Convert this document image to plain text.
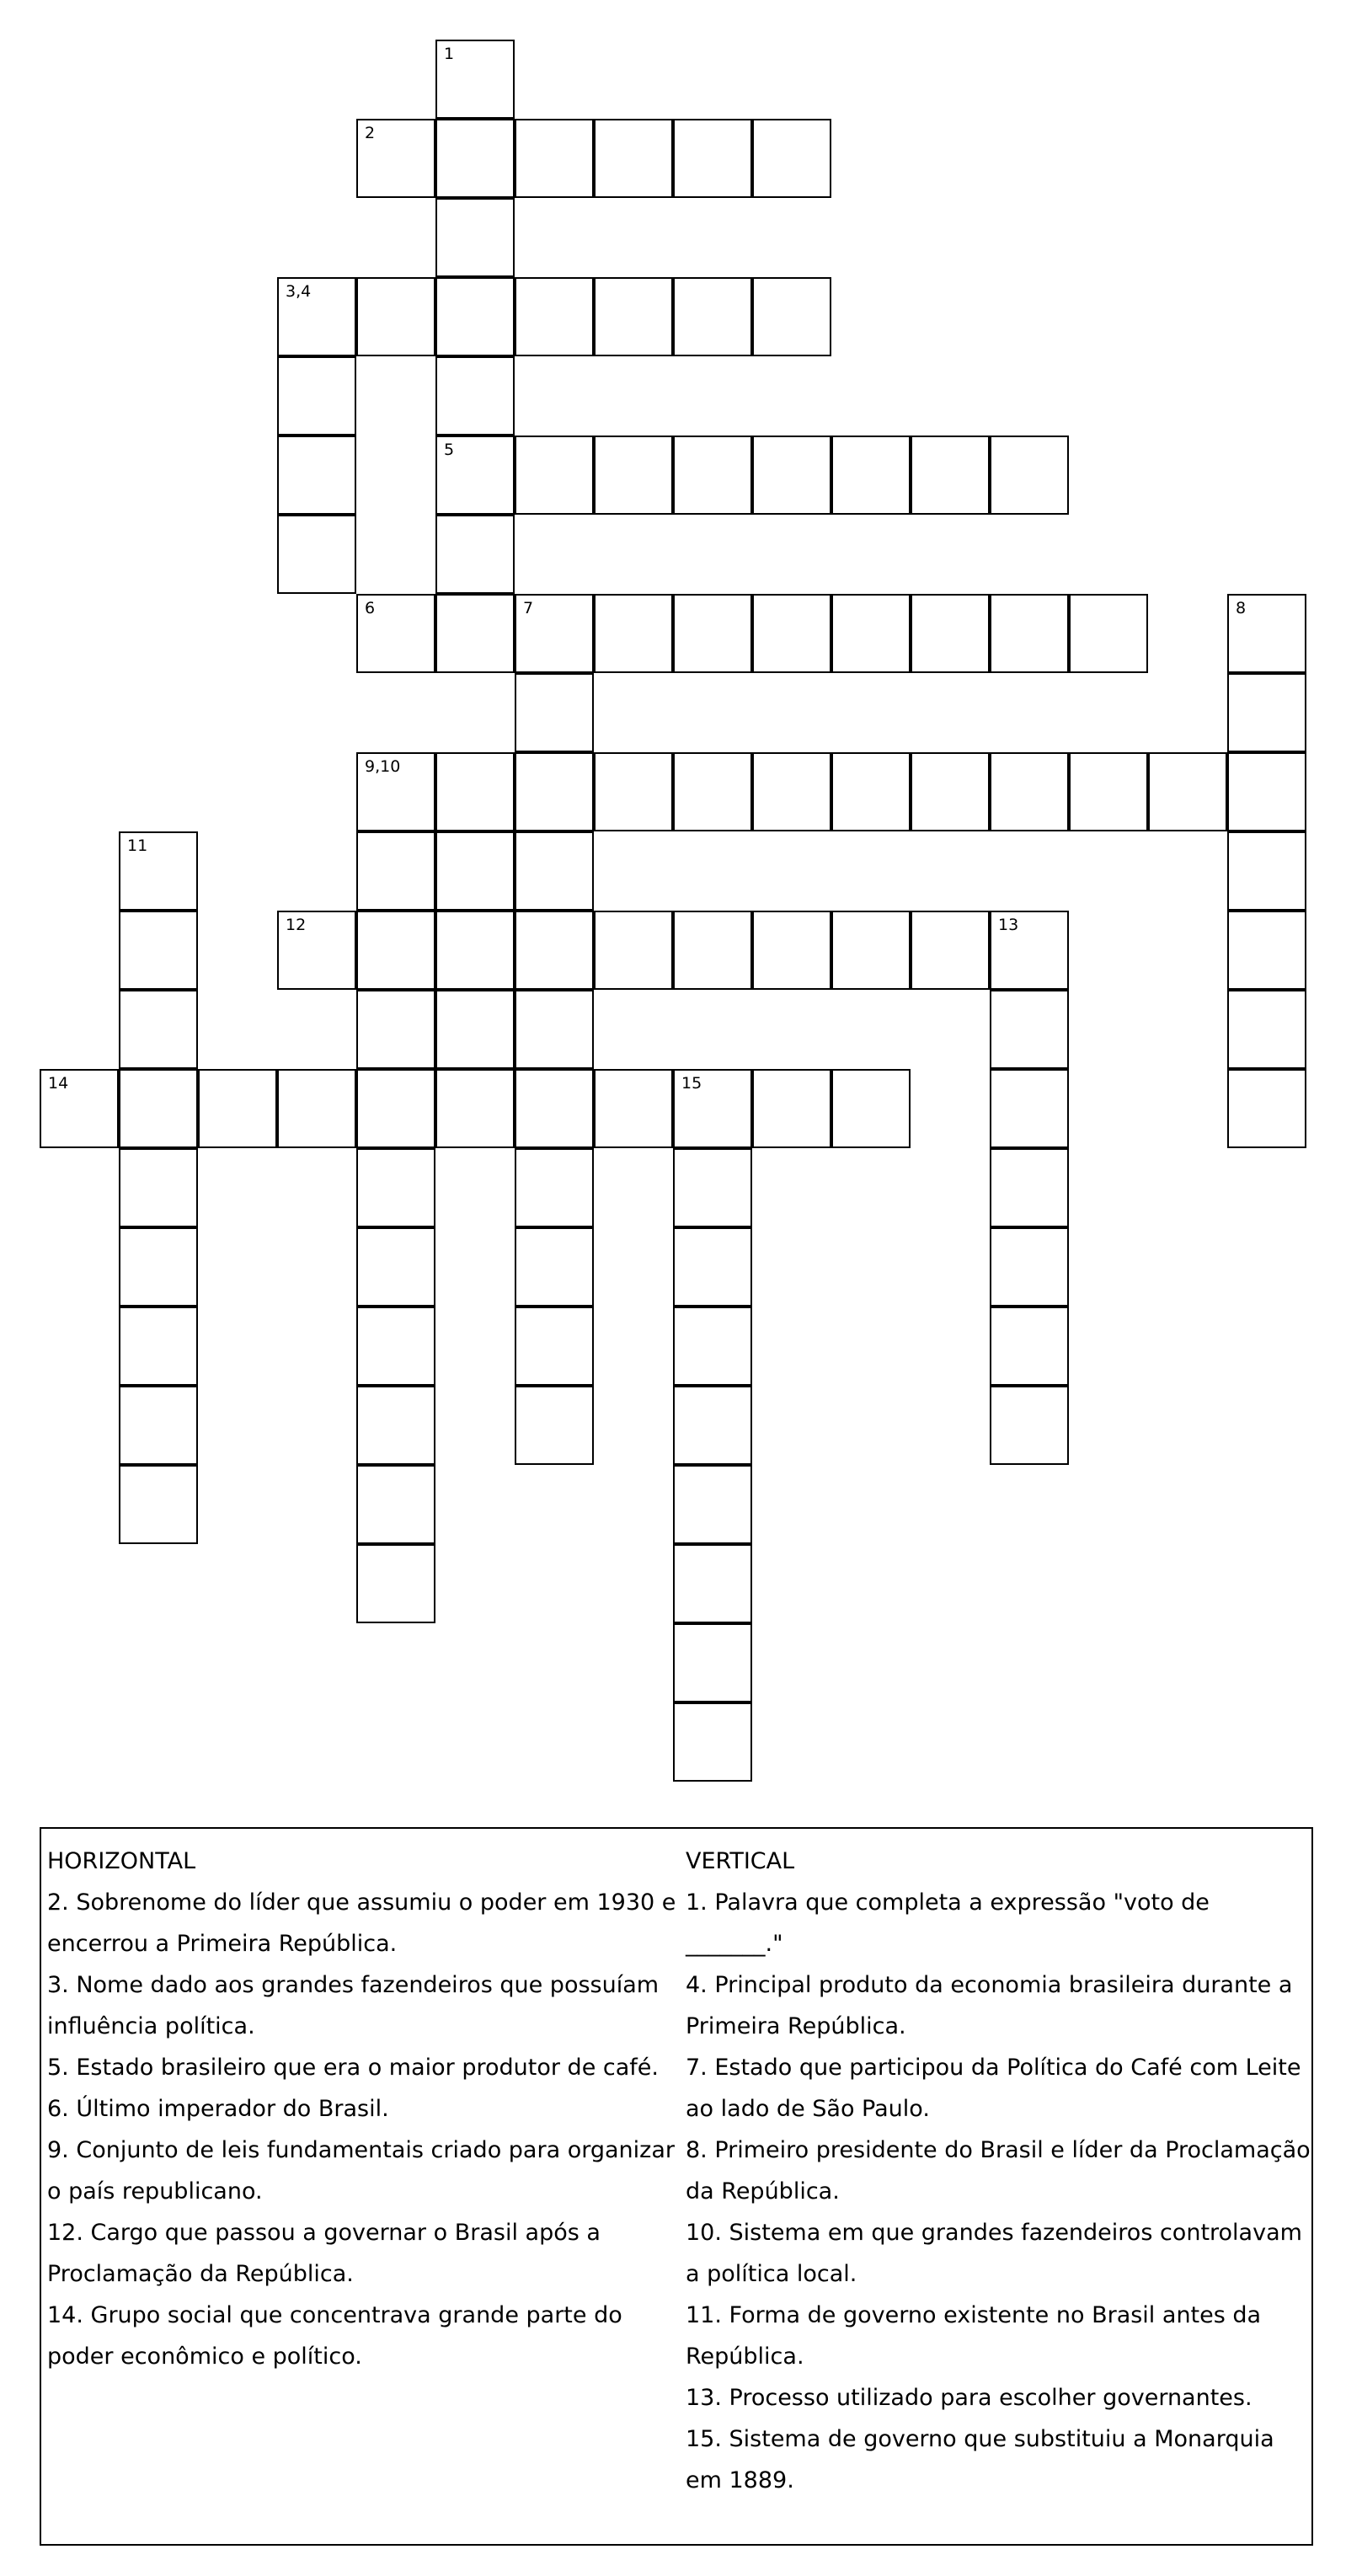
1
2
3,4
5
6	7	8
9,10
11
12	13
14	15

HORIZONTAL

2. Sobrenome do líder que assumiu o poder em 1930 e encerrou a Primeira República.

3. Nome dado aos grandes fazendeiros que possuíam influência política.

5. Estado brasileiro que era o maior produtor de café.

6. Último imperador do Brasil.

9. Conjunto de leis fundamentais criado para organizar o país republicano.

12. Cargo que passou a governar o Brasil após a Proclamação da República.

14. Grupo social que concentrava grande parte do poder econômico e político.

VERTICAL

1. Palavra que completa a expressão "voto de _______."

4. Principal produto da economia brasileira durante a Primeira República.

7. Estado que participou da Política do Café com Leite ao lado de São Paulo.

8. Primeiro presidente do Brasil e líder da Proclamação da República.

10. Sistema em que grandes fazendeiros controlavam a política local.

11. Forma de governo existente no Brasil antes da República.

13. Processo utilizado para escolher governantes.

15. Sistema de governo que substituiu a Monarquia em 1889.
